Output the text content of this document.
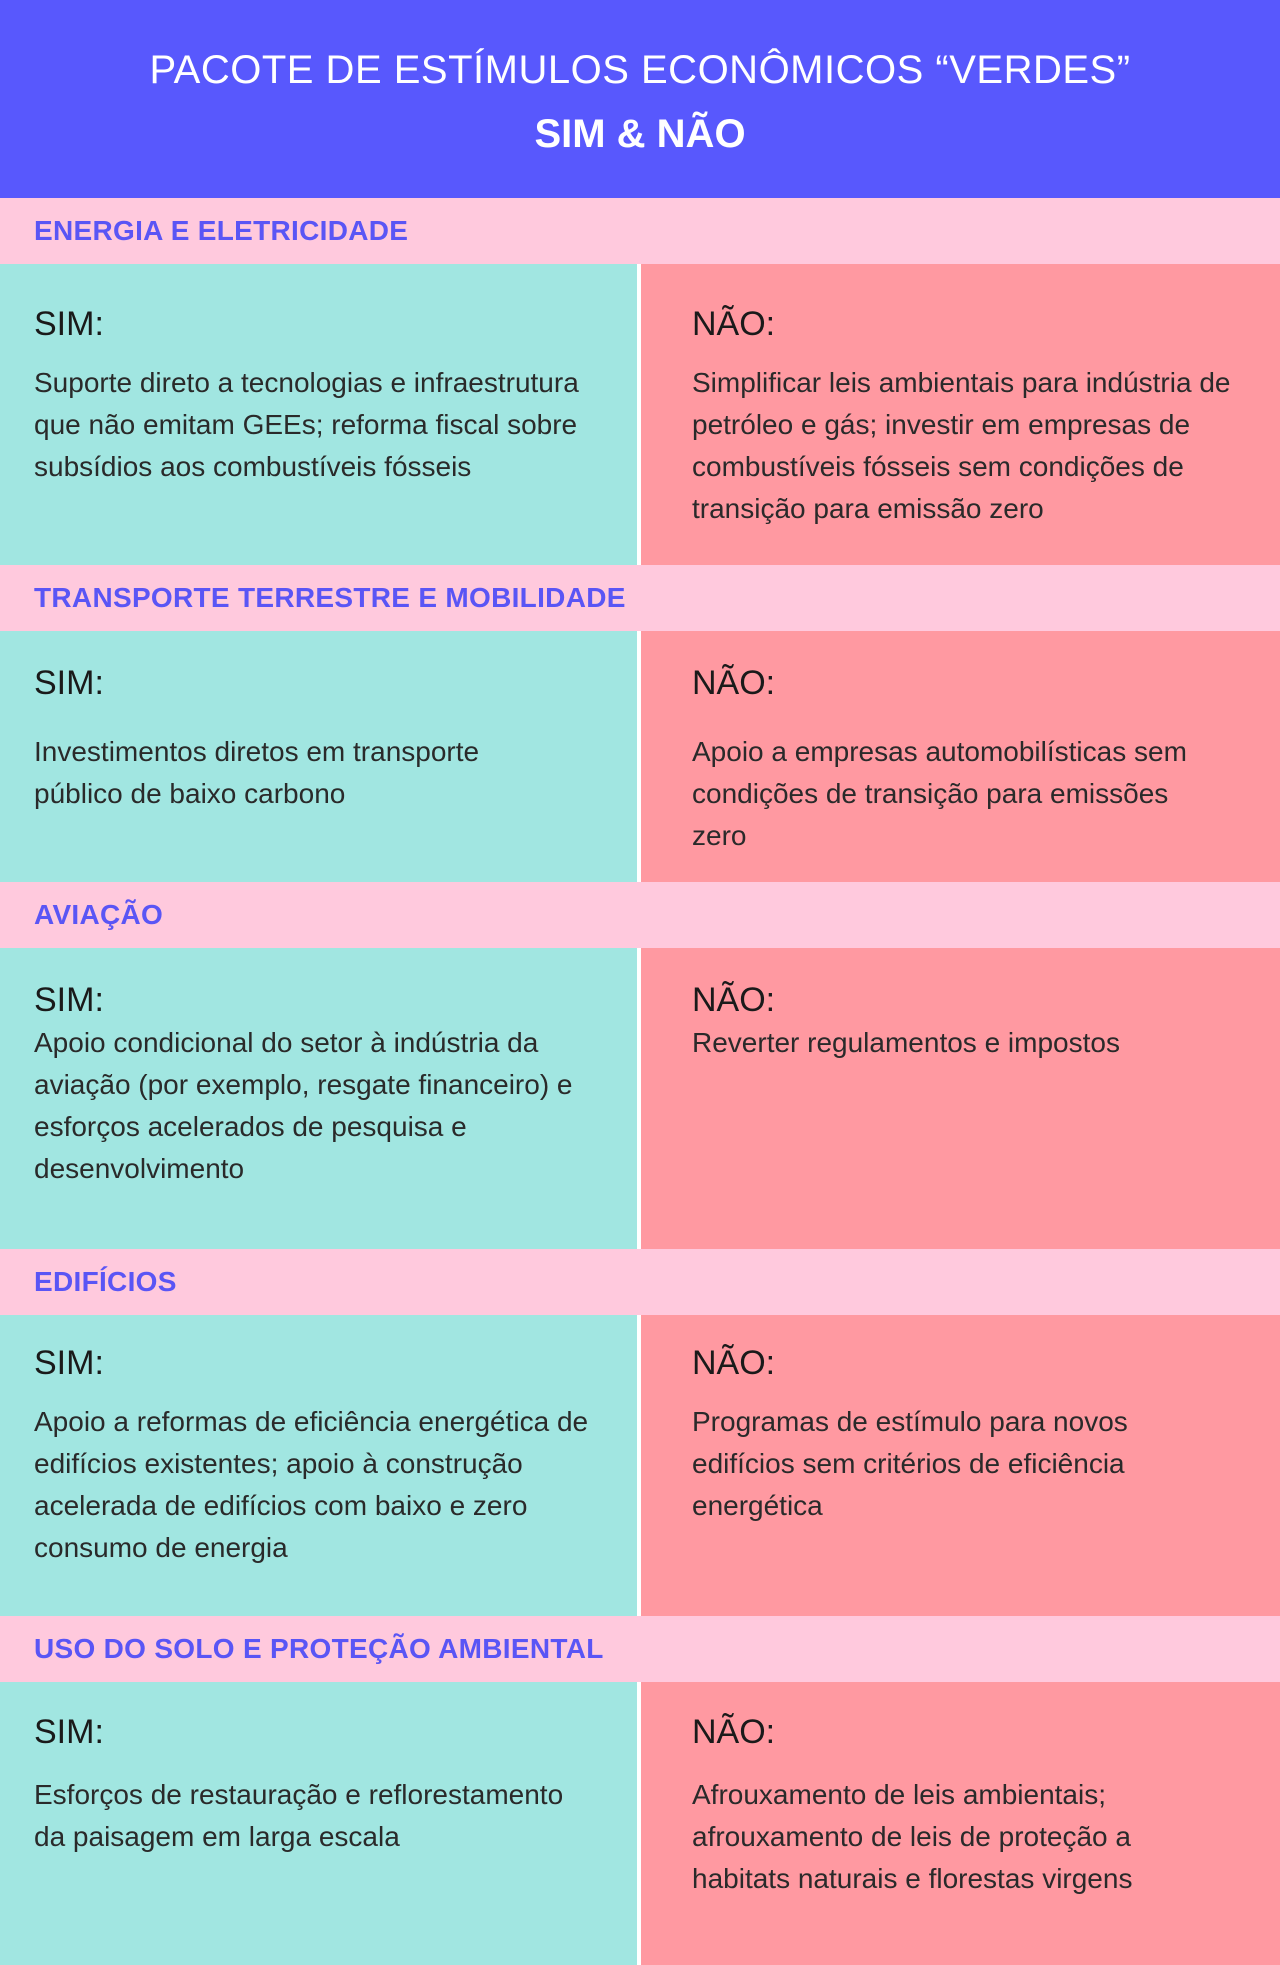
PACOTE DE ESTÍMULOS ECONÔMICOS “VERDES”
SIM & NÃO
ENERGIA E ELETRICIDADE
SIM:
Suporte direto a tecnologias e infraestrutura que não emitam GEEs; reforma fiscal sobre subsídios aos combustíveis fósseis
NÃO:
Simplificar leis ambientais para indústria de petróleo e gás; investir em empresas de combustíveis fósseis sem condições de transição para emissão zero
TRANSPORTE TERRESTRE E MOBILIDADE
SIM:
Investimentos diretos em transporte público de baixo carbono
NÃO:
Apoio a empresas automobilísticas sem condições de transição para emissões zero
AVIAÇÃO
SIM:
Apoio condicional do setor à indústria da aviação (por exemplo, resgate financeiro) e esforços acelerados de pesquisa e desenvolvimento
NÃO:
Reverter regulamentos e impostos
EDIFÍCIOS
SIM:
Apoio a reformas de eficiência energética de edifícios existentes; apoio à construção acelerada de edifícios com baixo e zero consumo de energia
NÃO:
Programas de estímulo para novos edifícios sem critérios de eficiência energética
USO DO SOLO E PROTEÇÃO AMBIENTAL
SIM:
Esforços de restauração e reflorestamento da paisagem em larga escala
NÃO:
Afrouxamento de leis ambientais; afrouxamento de leis de proteção a habitats naturais e florestas virgens
